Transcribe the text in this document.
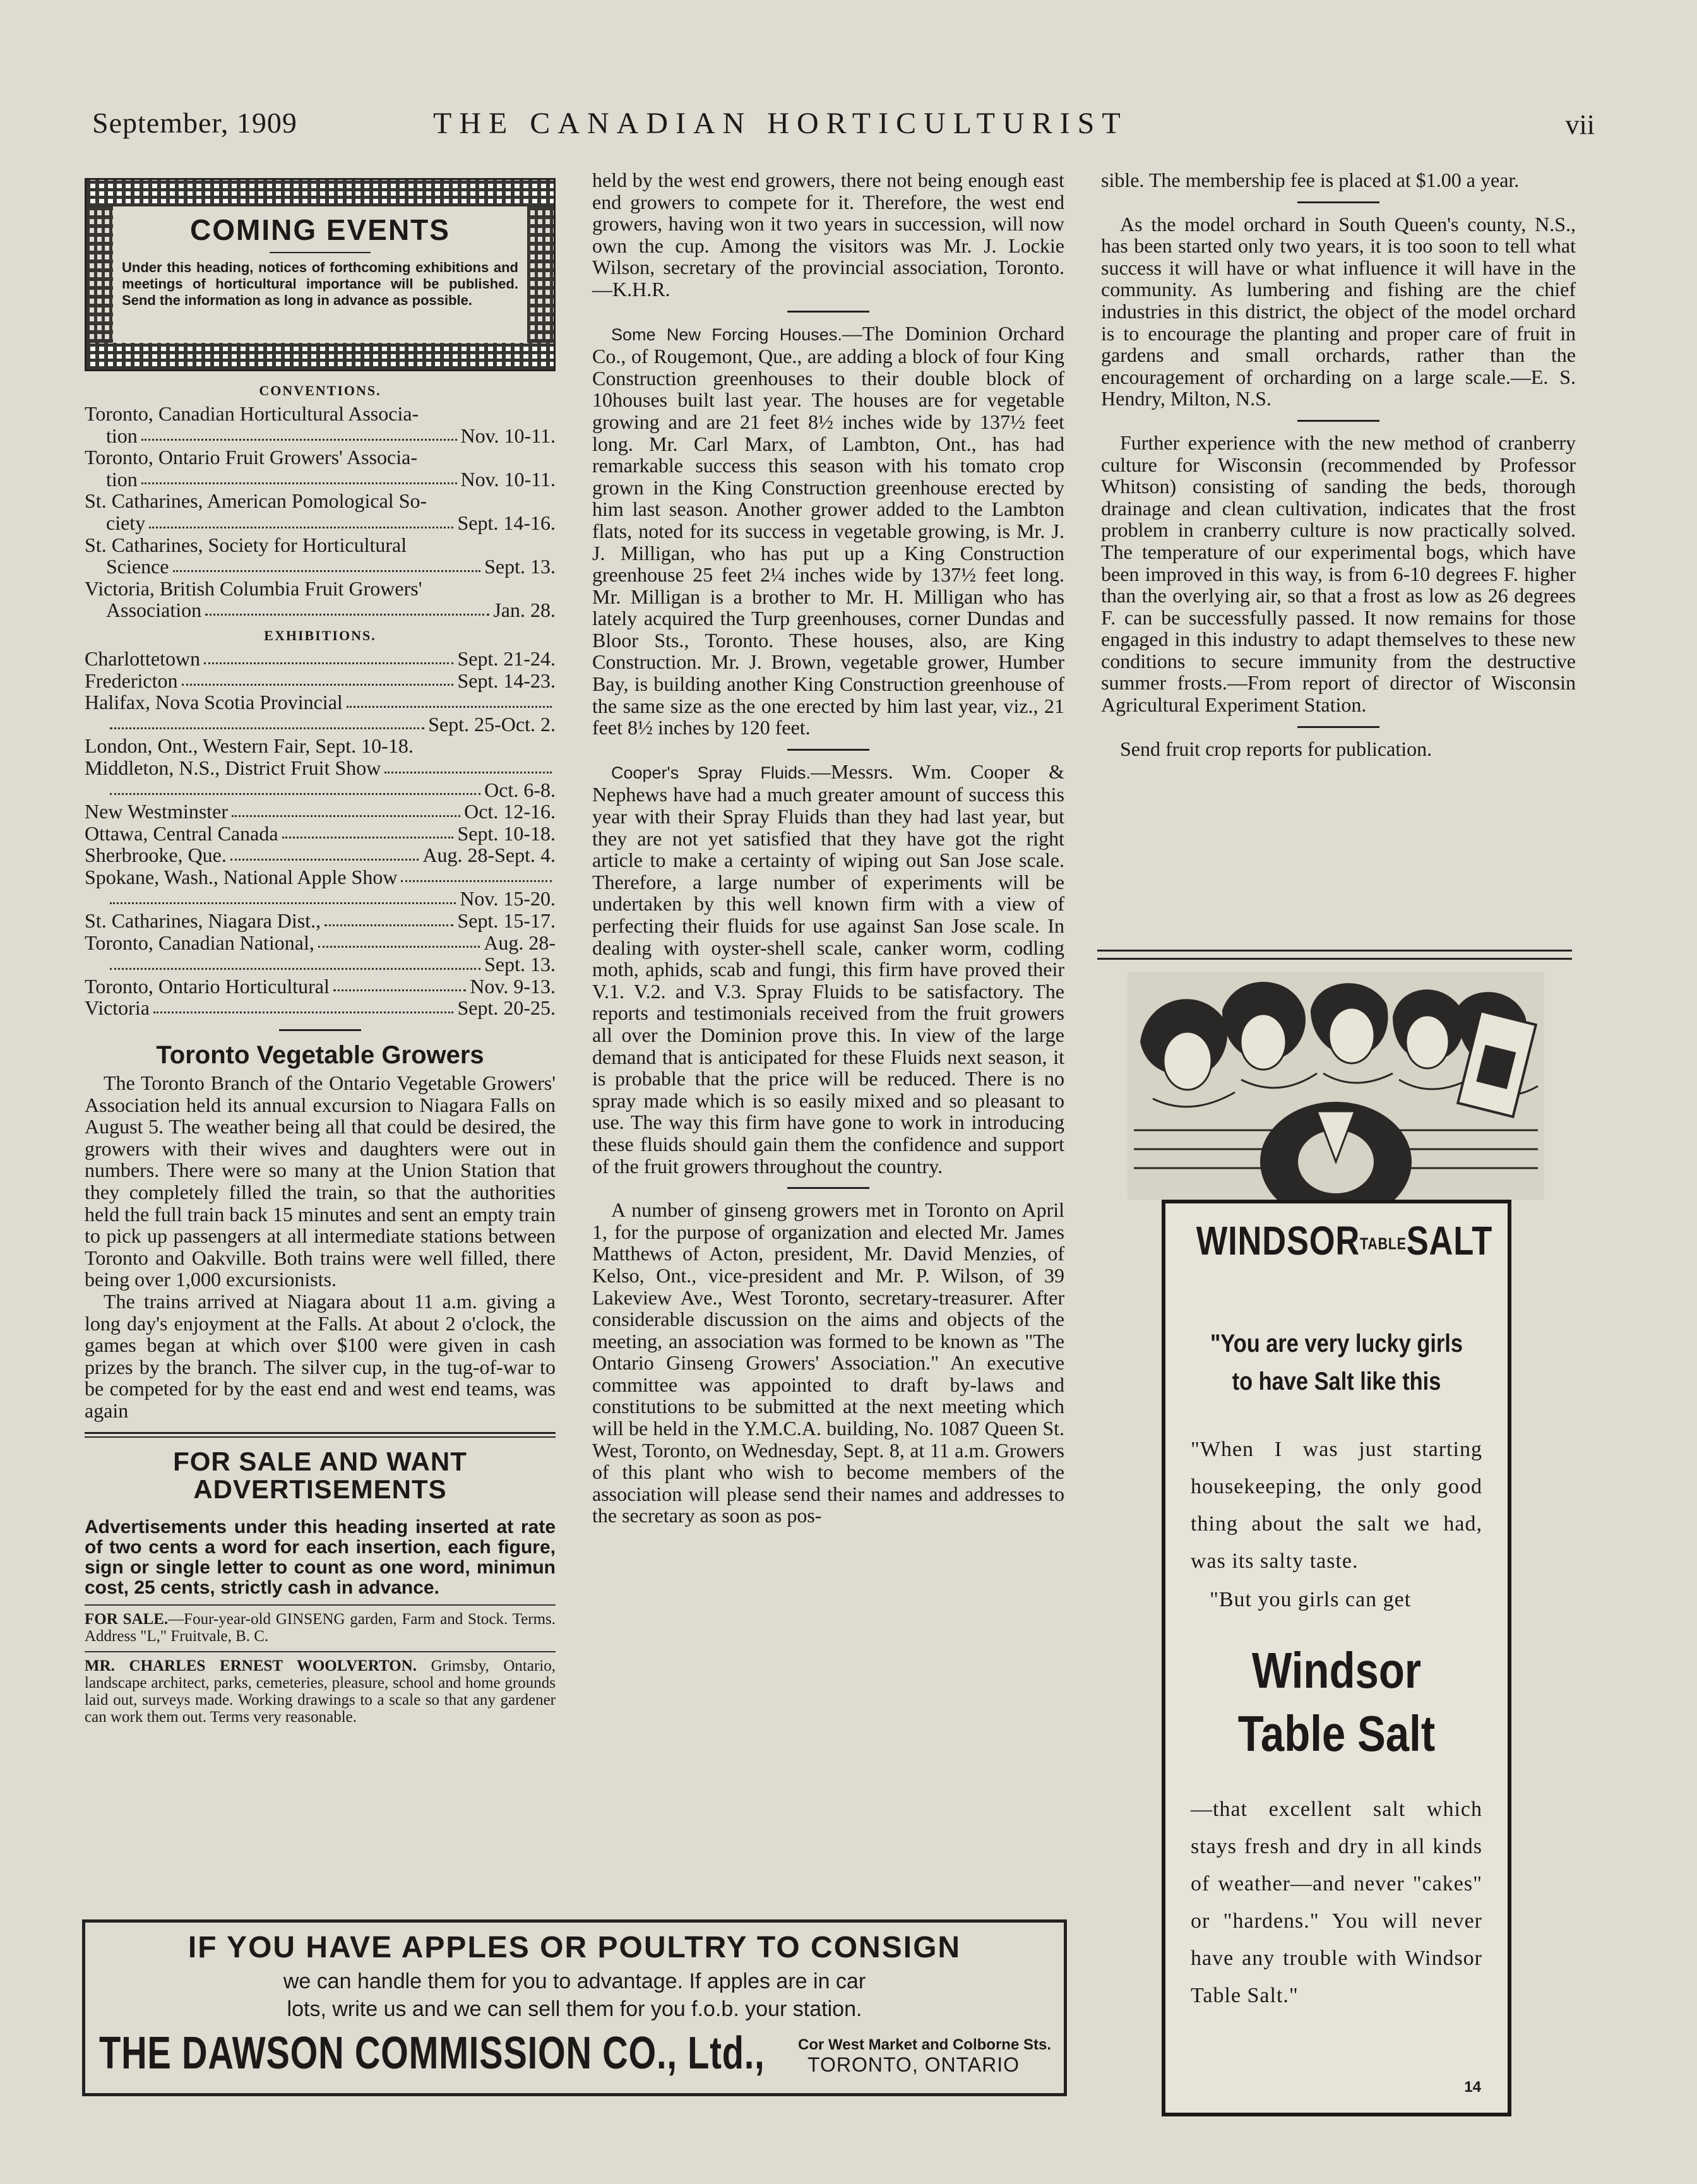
September, 1909	THE CANADIAN HORTICULTURIST	vii
COMING EVENTS
Under this heading, notices of forthcoming exhibitions and meetings of horticultural importance will be published. Send the information as long in advance as possible.
CONVENTIONS.
Toronto, Canadian Horticultural Associa-
tion	Nov. 10-11.
Toronto, Ontario Fruit Growers' Associa-
tion	Nov. 10-11.
St. Catharines, American Pomological So-
ciety	Sept. 14-16.
St. Catharines, Society for Horticultural
Science	Sept. 13.
Victoria, British Columbia Fruit Growers'
Association	Jan. 28.
EXHIBITIONS.
Charlottetown	Sept. 21-24.
Fredericton	Sept. 14-23.
Halifax, Nova Scotia Provincial
Sept. 25-Oct. 2.
London, Ont., Western Fair, Sept. 10-18.
Middleton, N.S., District Fruit Show
Oct. 6-8.
New Westminster	Oct. 12-16.
Ottawa, Central Canada	Sept. 10-18.
Sherbrooke, Que.	Aug. 28-Sept. 4.
Spokane, Wash., National Apple Show
Nov. 15-20.
St. Catharines, Niagara Dist.,	Sept. 15-17.
Toronto, Canadian National,	Aug. 28-
Sept. 13.
Toronto, Ontario Horticultural	Nov. 9-13.
Victoria	Sept. 20-25.
Toronto Vegetable Growers

The Toronto Branch of the Ontario Vegetable Growers' Association held its annual excursion to Niagara Falls on August 5. The weather being all that could be desired, the growers with their wives and daughters were out in numbers. There were so many at the Union Station that they completely filled the train, so that the authorities held the full train back 15 minutes and sent an empty train to pick up passengers at all intermediate stations between Toronto and Oakville. Both trains were well filled, there being over 1,000 excursionists.

The trains arrived at Niagara about 11 a.m. giving a long day's enjoyment at the Falls. At about 2 o'clock, the games began at which over $100 were given in cash prizes by the branch. The silver cup, in the tug-of-war to be competed for by the east end and west end teams, was again

FOR SALE AND WANT ADVERTISEMENTS
Advertisements under this heading inserted at rate of two cents a word for each insertion, each figure, sign or single letter to count as one word, minimun cost, 25 cents, strictly cash in advance.
FOR SALE.—Four-year-old GINSENG garden, Farm and Stock. Terms. Address "L," Fruitvale, B. C.
MR. CHARLES ERNEST WOOLVERTON. Grimsby, Ontario, landscape architect, parks, cemeteries, pleasure, school and home grounds laid out, surveys made. Working drawings to a scale so that any gardener can work them out. Terms very reasonable.

held by the west end growers, there not being enough east end growers to compete for it. Therefore, the west end growers, having won it two years in succession, will now own the cup. Among the visitors was Mr. J. Lockie Wilson, secretary of the provincial association, Toronto.—K.H.R.

Some New Forcing Houses.—The Dominion Orchard Co., of Rougemont, Que., are adding a block of four King Construction greenhouses to their double block of 10houses built last year. The houses are for vegetable growing and are 21 feet 8½ inches wide by 137½ feet long. Mr. Carl Marx, of Lambton, Ont., has had remarkable success this season with his tomato crop grown in the King Construction greenhouse erected by him last season. Another grower added to the Lambton flats, noted for its success in vegetable growing, is Mr. J. J. Milligan, who has put up a King Construction greenhouse 25 feet 2¼ inches wide by 137½ feet long. Mr. Milligan is a brother to Mr. H. Milligan who has lately acquired the Turp greenhouses, corner Dundas and Bloor Sts., Toronto. These houses, also, are King Construction. Mr. J. Brown, vegetable grower, Humber Bay, is building another King Construction greenhouse of the same size as the one erected by him last year, viz., 21 feet 8½ inches by 120 feet.

Cooper's Spray Fluids.—Messrs. Wm. Cooper & Nephews have had a much greater amount of success this year with their Spray Fluids than they had last year, but they are not yet satisfied that they have got the right article to make a certainty of wiping out San Jose scale. Therefore, a large number of experiments will be undertaken by this well known firm with a view of perfecting their fluids for use against San Jose scale. In dealing with oyster-shell scale, canker worm, codling moth, aphids, scab and fungi, this firm have proved their V.1. V.2. and V.3. Spray Fluids to be satisfactory. The reports and testimonials received from the fruit growers all over the Dominion prove this. In view of the large demand that is anticipated for these Fluids next season, it is probable that the price will be reduced. There is no spray made which is so easily mixed and so pleasant to use. The way this firm have gone to work in introducing these fluids should gain them the confidence and support of the fruit growers throughout the country.

A number of ginseng growers met in Toronto on April 1, for the purpose of organization and elected Mr. James Matthews of Acton, president, Mr. David Menzies, of Kelso, Ont., vice-president and Mr. P. Wilson, of 39 Lakeview Ave., West Toronto, secretary-treasurer. After considerable discussion on the aims and objects of the meeting, an association was formed to be known as "The Ontario Ginseng Growers' Association." An executive committee was appointed to draft by-laws and constitutions to be submitted at the next meeting which will be held in the Y.M.C.A. building, No. 1087 Queen St. West, Toronto, on Wednesday, Sept. 8, at 11 a.m. Growers of this plant who wish to become members of the association will please send their names and addresses to the secretary as soon as pos-

sible. The membership fee is placed at $1.00 a year.

As the model orchard in South Queen's county, N.S., has been started only two years, it is too soon to tell what success it will have or what influence it will have in the community. As lumbering and fishing are the chief industries in this district, the object of the model orchard is to encourage the planting and proper care of fruit in gardens and small orchards, rather than the encouragement of orcharding on a large scale.—E. S. Hendry, Milton, N.S.

Further experience with the new method of cranberry culture for Wisconsin (recommended by Professor Whitson) consisting of sanding the beds, thorough drainage and clean cultivation, indicates that the frost problem in cranberry culture is now practically solved. The temperature of our experimental bogs, which have been improved in this way, is from 6-10 degrees F. higher than the overlying air, so that a frost as low as 26 degrees F. can be successfully passed. It now remains for those engaged in this industry to adapt themselves to these new conditions to secure immunity from the destructive summer frosts.—From report of director of Wisconsin Agricultural Experiment Station.

Send fruit crop reports for publication.

IF YOU HAVE APPLES OR POULTRY TO CONSIGN
we can handle them for you to advantage. If apples are in car
lots, write us and we can sell them for you f.o.b. your station.
THE DAWSON COMMISSION CO., Ltd., Cor West Market and Colborne Sts.
TORONTO, ONTARIO
WINDSORTABLESALT
"You are very lucky girls to have Salt like this
"When I was just starting housekeeping, the only good thing about the salt we had, was its salty taste.
"But you girls can get
Windsor
Table Salt
—that excellent salt which stays fresh and dry in all kinds of weather—and never "cakes" or "hardens." You will never have any trouble with Windsor Table Salt."
14
